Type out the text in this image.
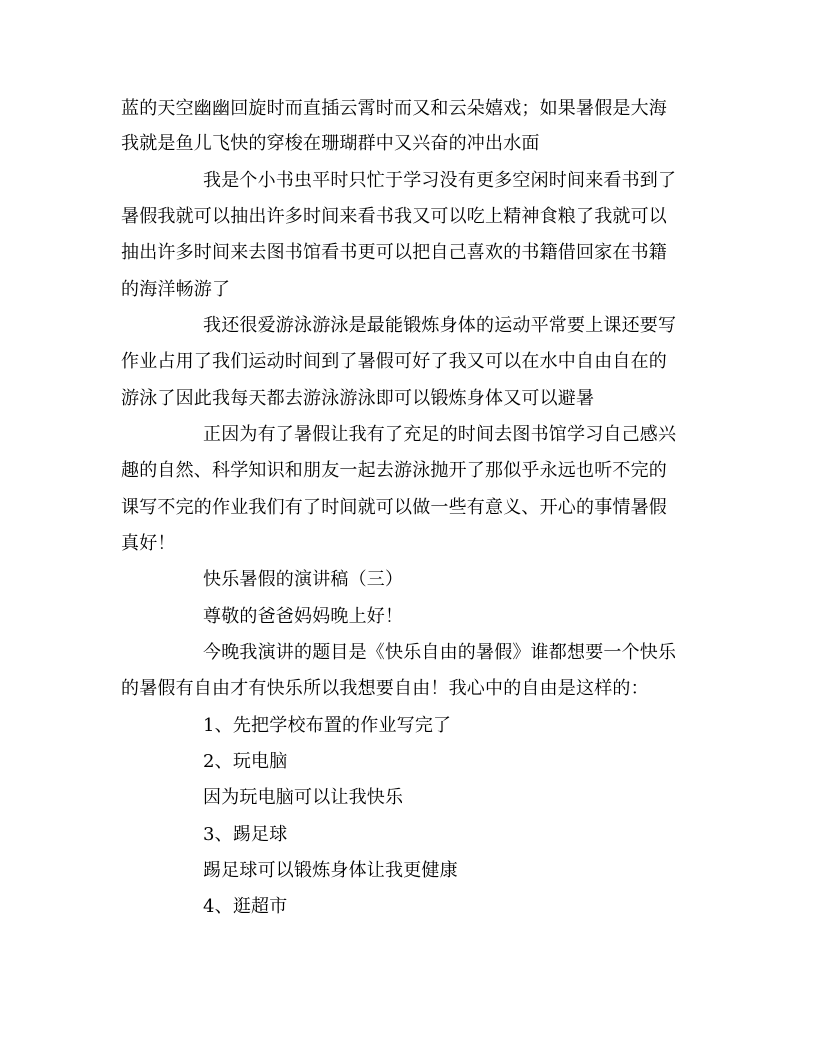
蓝的天空幽幽回旋时而直插云霄时而又和云朵嬉戏；如果暑假是大海
我就是鱼儿飞快的穿梭在珊瑚群中又兴奋的冲出水面
我是个小书虫平时只忙于学习没有更多空闲时间来看书到了
暑假我就可以抽出许多时间来看书我又可以吃上精神食粮了我就可以
抽出许多时间来去图书馆看书更可以把自己喜欢的书籍借回家在书籍
的海洋畅游了
我还很爱游泳游泳是最能锻炼身体的运动平常要上课还要写
作业占用了我们运动时间到了暑假可好了我又可以在水中自由自在的
游泳了因此我每天都去游泳游泳即可以锻炼身体又可以避暑
正因为有了暑假让我有了充足的时间去图书馆学习自己感兴
趣的自然、科学知识和朋友一起去游泳抛开了那似乎永远也听不完的
课写不完的作业我们有了时间就可以做一些有意义、开心的事情暑假
真好！
快乐暑假的演讲稿（三）
尊敬的爸爸妈妈晚上好！
今晚我演讲的题目是《快乐自由的暑假》谁都想要一个快乐
的暑假有自由才有快乐所以我想要自由！我心中的自由是这样的：
1、先把学校布置的作业写完了
2、玩电脑
因为玩电脑可以让我快乐
3、踢足球
踢足球可以锻炼身体让我更健康
4、逛超市
